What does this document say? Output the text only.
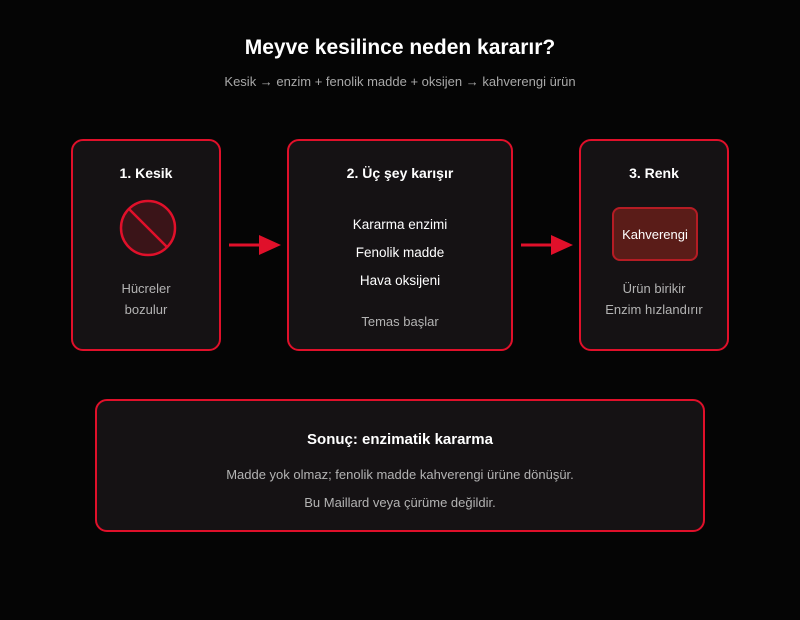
Meyve kesilince neden kararır?
Kesik → enzim + fenolik madde + oksijen → kahverengi ürün
1. Kesik
Hücreler
bozulur
2. Üç şey karışır
Kararma enzimi
Fenolik madde
Hava oksijeni
Temas başlar
3. Renk
Kahverengi
Ürün birikir
Enzim hızlandırır
Sonuç: enzimatik kararma
Madde yok olmaz; fenolik madde kahverengi ürüne dönüşür.
Bu Maillard veya çürüme değildir.
